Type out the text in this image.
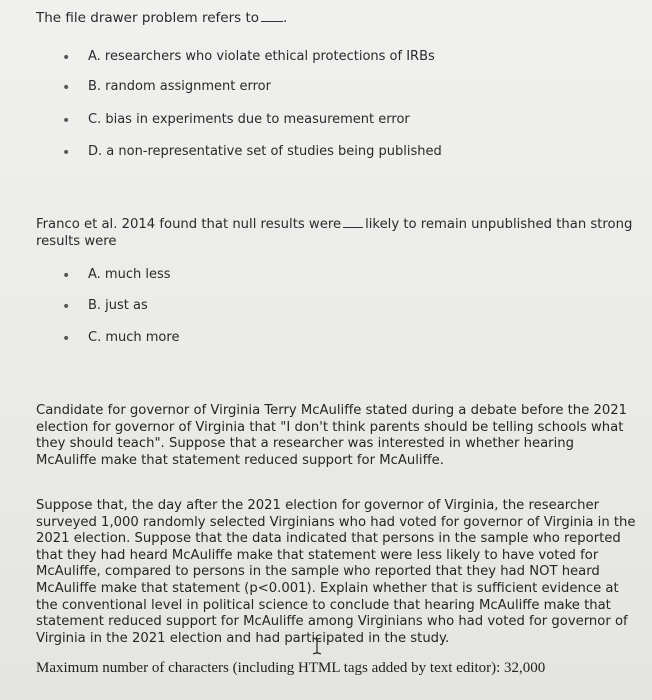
The file drawer problem refers to .
• A. researchers who violate ethical protections of IRBs
• B. random assignment error
• C. bias in experiments due to measurement error
• D. a non-representative set of studies being published
Franco et al. 2014 found that null results were likely to remain unpublished than strong results were
• A. much less
• B. just as
• C. much more
Candidate for governor of Virginia Terry McAuliffe stated during a debate before the 2021 election for governor of Virginia that "I don't think parents should be telling schools what they should teach". Suppose that a researcher was interested in whether hearing McAuliffe make that statement reduced support for McAuliffe.
Suppose that, the day after the 2021 election for governor of Virginia, the researcher surveyed 1,000 randomly selected Virginians who had voted for governor of Virginia in the 2021 election. Suppose that the data indicated that persons in the sample who reported that they had heard McAuliffe make that statement were less likely to have voted for McAuliffe, compared to persons in the sample who reported that they had NOT heard McAuliffe make that statement (p<0.001). Explain whether that is sufficient evidence at the conventional level in political science to conclude that hearing McAuliffe make that statement reduced support for McAuliffe among Virginians who had voted for governor of Virginia in the 2021 election and had participated in the study.
Maximum number of characters (including HTML tags added by text editor): 32,000
